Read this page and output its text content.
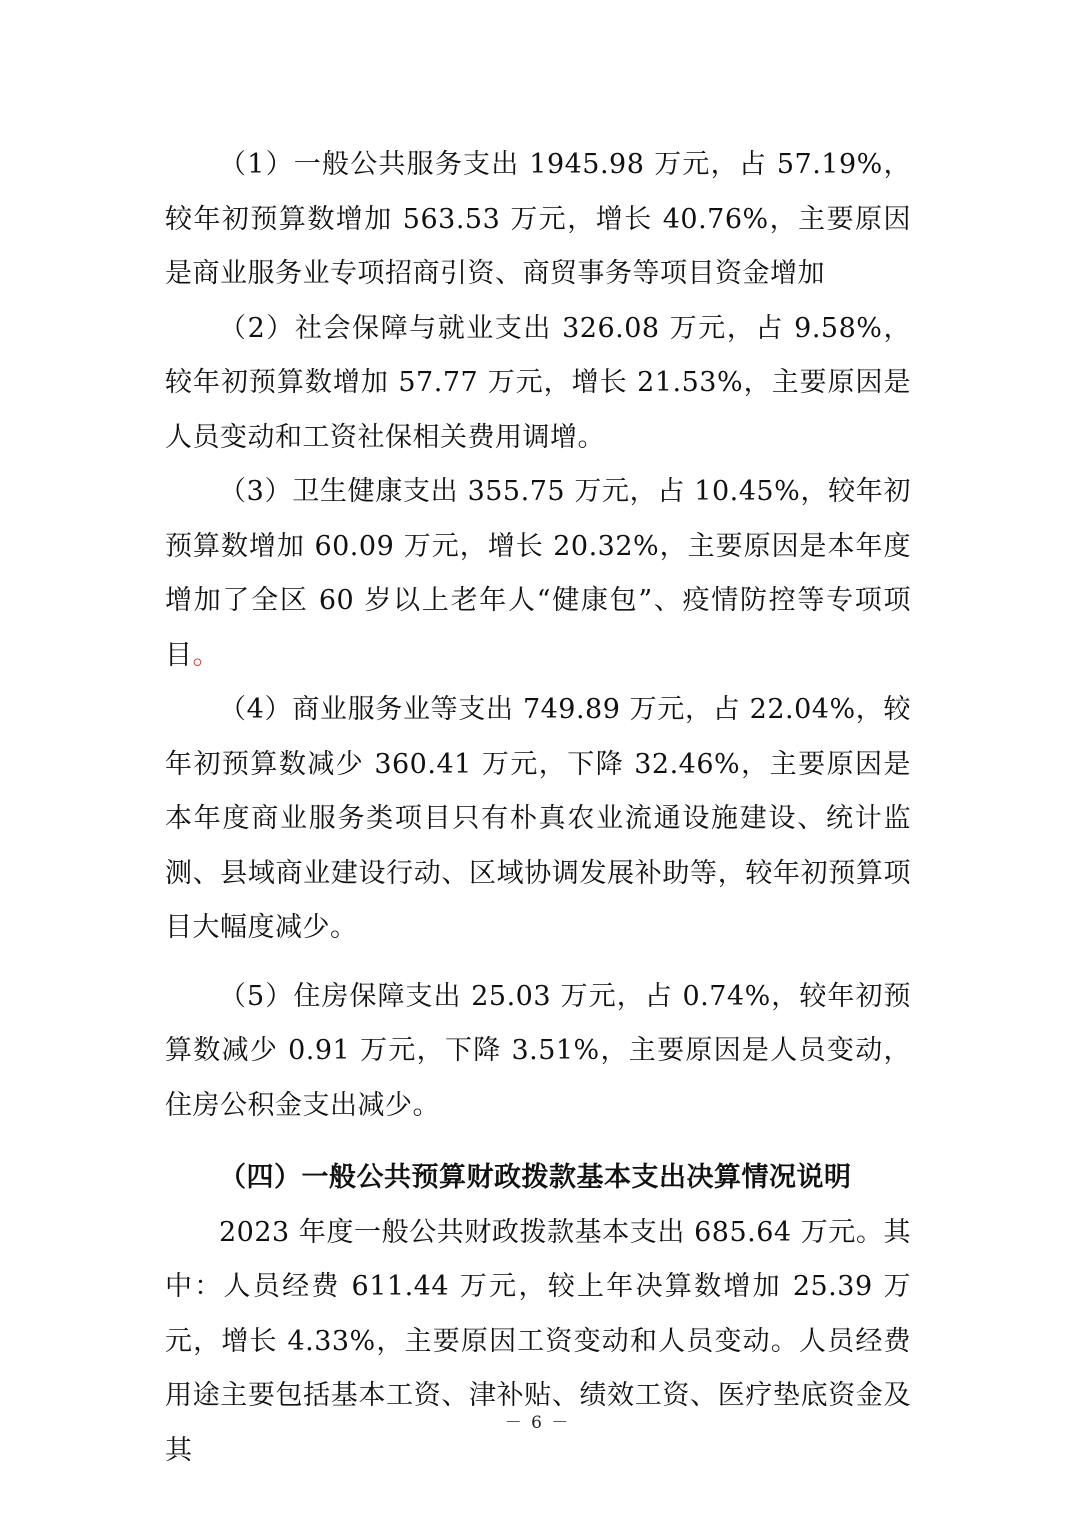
（1）一般公共服务支出 1945.98 万元，占 57.19%，较年初预算数增加 563.53 万元，增长 40.76%，主要原因是商业服务业专项招商引资、商贸事务等项目资金增加

（2）社会保障与就业支出 326.08 万元，占 9.58%，较年初预算数增加 57.77 万元，增长 21.53%，主要原因是人员变动和工资社保相关费用调增。

（3）卫生健康支出 355.75 万元，占 10.45%，较年初预算数增加 60.09 万元，增长 20.32%，主要原因是本年度增加了全区 60 岁以上老年人“健康包”、疫情防控等专项项目。

（4）商业服务业等支出 749.89 万元，占 22.04%，较年初预算数减少 360.41 万元，下降 32.46%，主要原因是本年度商业服务类项目只有朴真农业流通设施建设、统计监测、县域商业建设行动、区域协调发展补助等，较年初预算项目大幅度减少。

（5）住房保障支出 25.03 万元，占 0.74%，较年初预算数减少 0.91 万元，下降 3.51%，主要原因是人员变动，住房公积金支出减少。

（四）一般公共预算财政拨款基本支出决算情况说明

2023 年度一般公共财政拨款基本支出 685.64 万元。其中：人员经费 611.44 万元，较上年决算数增加 25.39 万元，增长 4.33%，主要原因工资变动和人员变动。人员经费用途主要包括基本工资、津补贴、绩效工资、医疗垫底资金及其

－ 6 －
